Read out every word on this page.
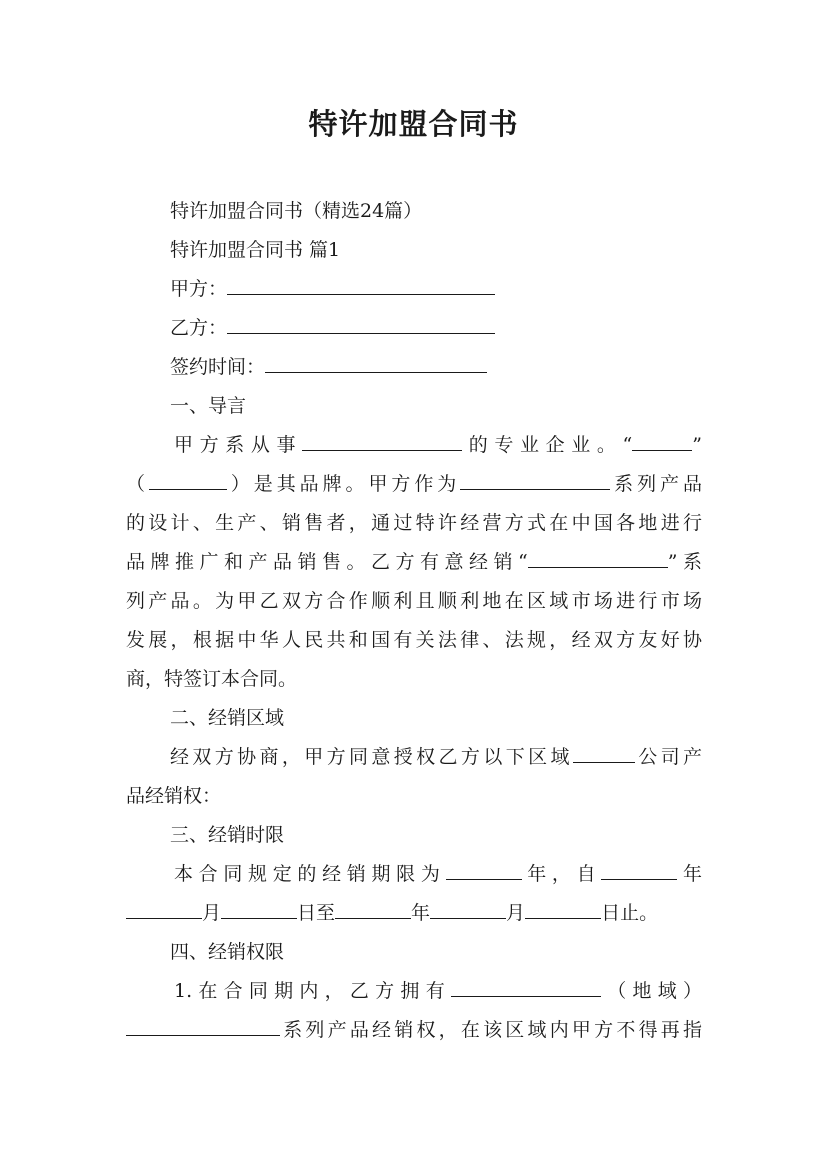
特许加盟合同书
特许加盟合同书（精选24篇）
特许加盟合同书 篇1
甲方：
乙方：
签约时间：
一、导言
甲方系从事	的专业企业。“	”
（	）是其品牌。甲方作为	系列产品
的设计、生产、销售者，通过特许经营方式在中国各地进行
品牌推广和产品销售。乙方有意经销“	”系
列产品。为甲乙双方合作顺利且顺利地在区域市场进行市场
发展，根据中华人民共和国有关法律、法规，经双方友好协
商，特签订本合同。
二、经销区域
经双方协商，甲方同意授权乙方以下区域	公司产
品经销权：
三、经销时限
本合同规定的经销期限为	年，自	年
月	日至	年	月	日止。
四、经销权限
1.在合同期内，乙方拥有	（地域）
系列产品经销权，在该区域内甲方不得再指
